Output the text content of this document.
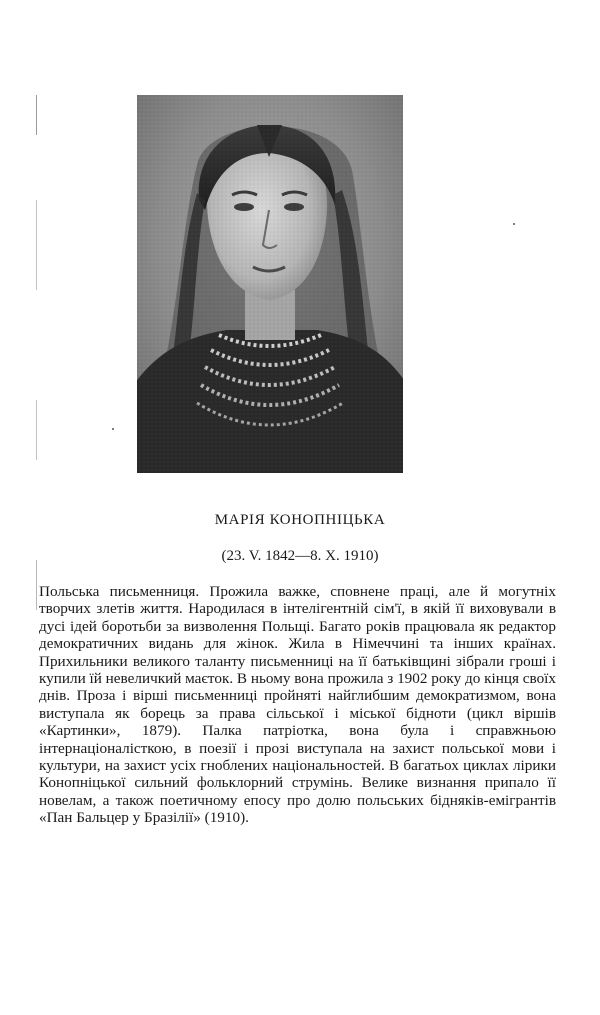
МАРІЯ КОНОПНІЦЬКА
(23. V. 1842—8. X. 1910)
Польська письменниця. Прожила важке, сповнене праці, але й могутніх творчих злетів життя. Народилася в інтелігентній сім'ї, в якій її виховували в дусі ідей боротьби за визволення Польщі. Багато років працювала як редактор демократичних видань для жінок. Жила в Німеччині та інших країнах. Прихильники великого таланту письменниці на її батьківщині зібрали гроші і купили їй невеличкий маєток. В ньому вона прожила з 1902 року до кінця своїх днів. Проза і вірші письменниці пройняті найглибшим демократизмом, вона виступала як борець за права сільської і міської бідноти (цикл віршів «Картинки», 1879). Палка патріотка, вона була і справжньою інтернаціоналісткою, в поезії і прозі виступала на захист польської мови і культури, на захист усіх гноблених національностей. В багатьох циклах лірики Конопніцької сильний фольклорний струмінь. Велике визнання припало її новелам, а також поетичному епосу про долю польських бідняків-емігрантів «Пан Бальцер у Бразілії» (1910).
